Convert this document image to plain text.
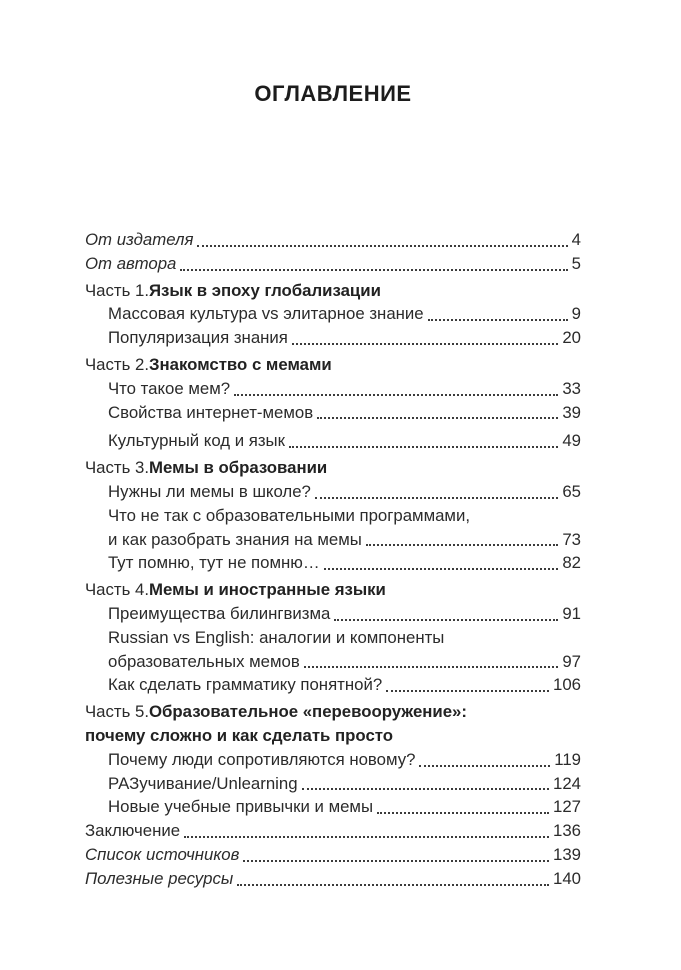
ОГЛАВЛЕНИЕ
От издателя	4
От автора	5
Часть 1. Язык в эпоху глобализации
Массовая культура vs элитарное знание	9
Популяризация знания	20
Часть 2. Знакомство с мемами
Что такое мем?	33
Свойства интернет-мемов	39
Культурный код и язык	49
Часть 3. Мемы в образовании
Нужны ли мемы в школе?	65
Что не так с образовательными программами,
и как разобрать знания на мемы	73
Тут помню, тут не помню…	82
Часть 4. Мемы и иностранные языки
Преимущества билингвизма	91
Russian vs English: аналогии и компоненты
образовательных мемов	97
Как сделать грамматику понятной?	106
Часть 5. Образовательное «перевооружение»:
почему сложно и как сделать просто
Почему люди сопротивляются новому?	119
РАЗучивание/Unlearning	124
Новые учебные привычки и мемы	127
Заключение	136
Список источников	139
Полезные ресурсы	140
